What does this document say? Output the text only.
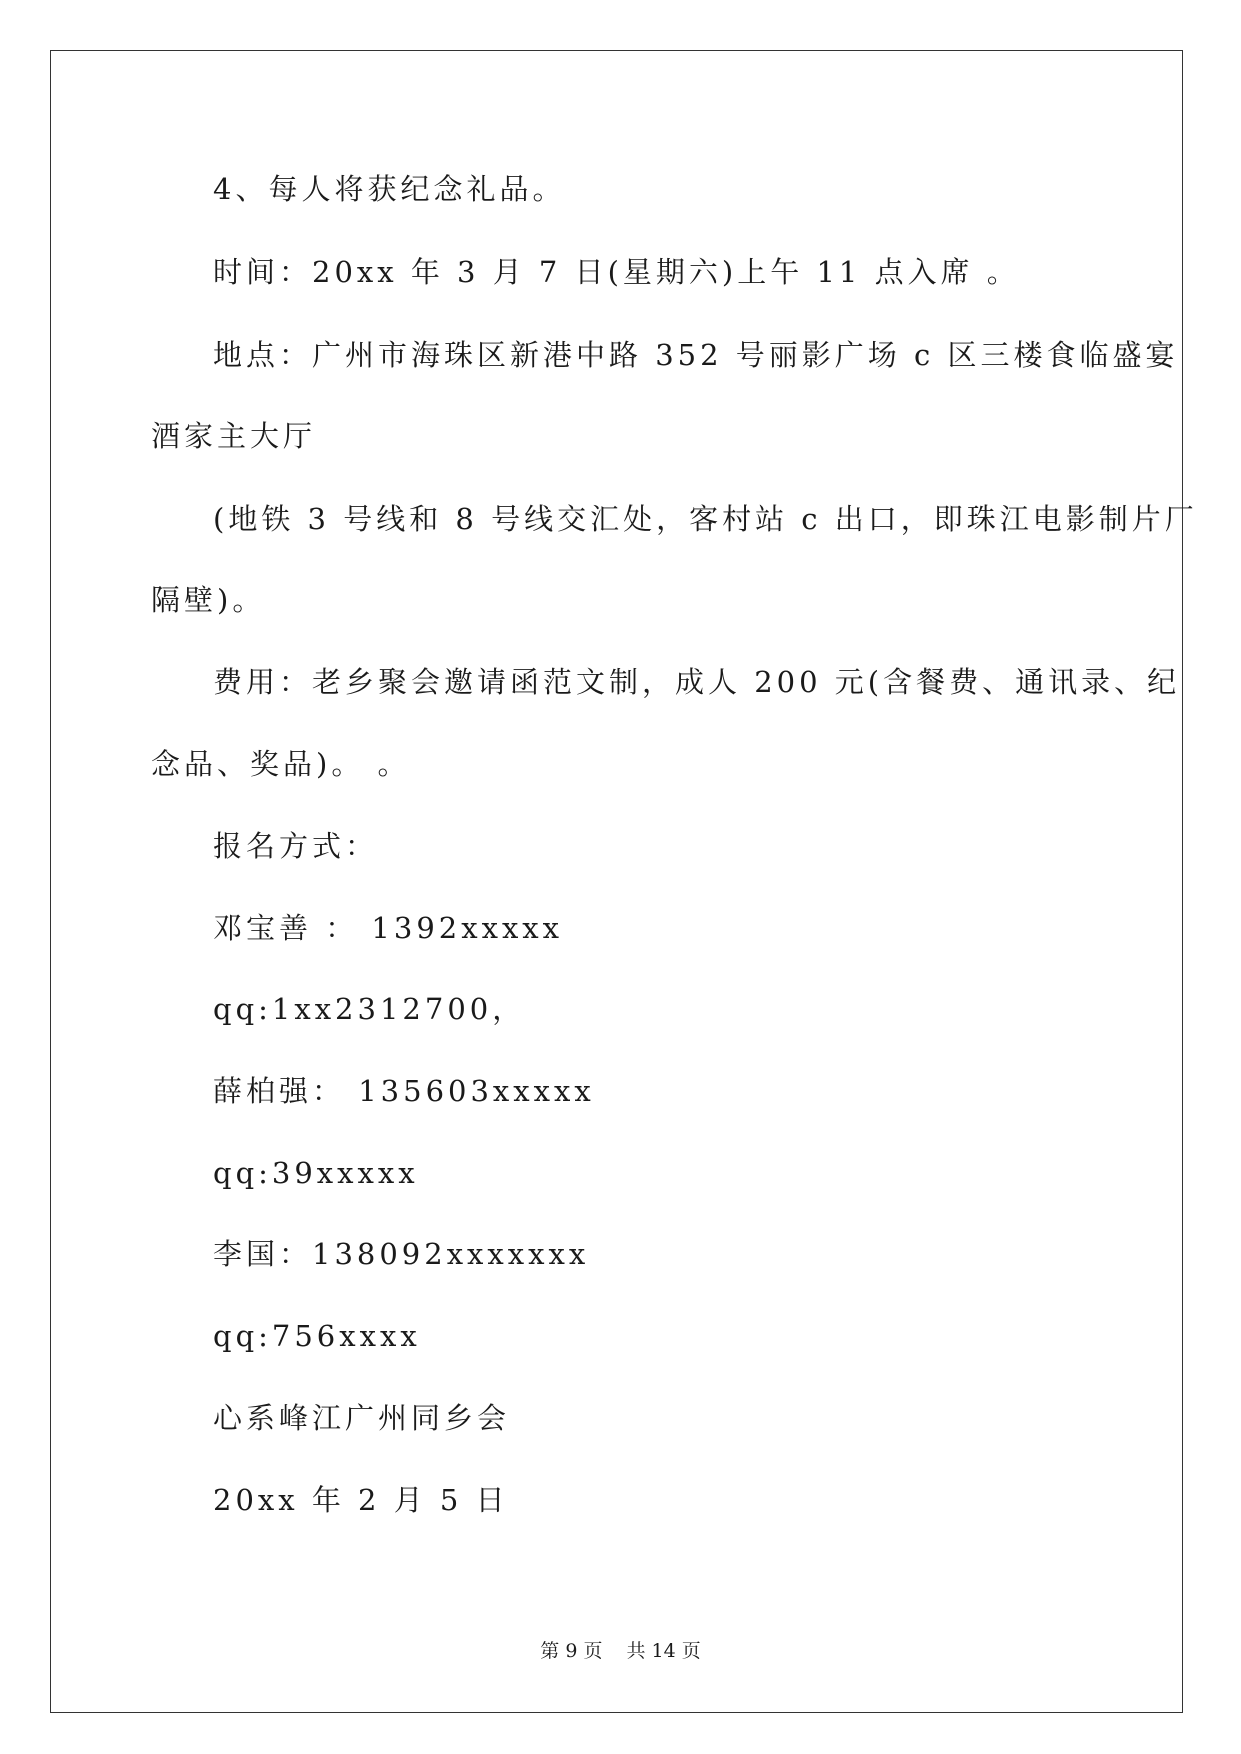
4、每人将获纪念礼品。
时间：20xx 年 3 月 7 日(星期六)上午 11 点入席 。
地点：广州市海珠区新港中路 352 号丽影广场 c 区三楼食临盛宴
酒家主大厅
(地铁 3 号线和 8 号线交汇处，客村站 c 出口，即珠江电影制片厂
隔壁)。
费用：老乡聚会邀请函范文制，成人 200 元(含餐费、通讯录、纪
念品、奖品)。 。
报名方式：
邓宝善 ： 1392xxxxx
qq:1xx2312700，
薛柏强： 135603xxxxx
qq:39xxxxx
李国：138092xxxxxxx
qq:756xxxx
心系峰江广州同乡会
20xx 年 2 月 5 日
第 9 页 共 14 页
